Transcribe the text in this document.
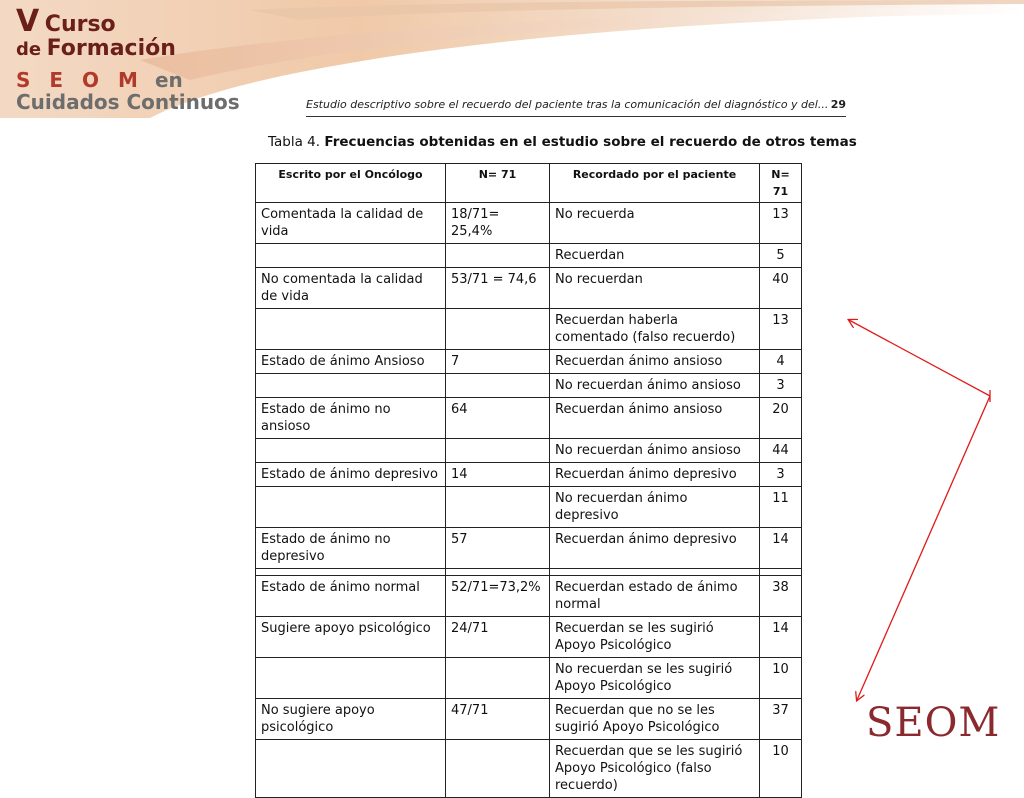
V Curso
de Formación
S E O M en
Cuidados Continuos	Estudio descriptivo sobre el recuerdo del paciente tras la comunicación del diagnóstico y del... 29
Tabla 4. Frecuencias obtenidas en el estudio sobre el recuerdo de otros temas
Escrito por el Oncólogo	N= 71	Recordado por el paciente	N= 71
Comentada la calidad de vida	18/71= 25,4%	No recuerda	13
		Recuerdan	5
No comentada la calidad de vida	53/71 = 74,6	No recuerdan	40
		Recuerdan haberla comentado (falso recuerdo)	13
Estado de ánimo Ansioso	7	Recuerdan ánimo ansioso	4
		No recuerdan ánimo ansioso	3
Estado de ánimo no ansioso	64	Recuerdan ánimo ansioso	20
		No recuerdan ánimo ansioso	44
Estado de ánimo depresivo	14	Recuerdan ánimo depresivo	3
		No recuerdan ánimo depresivo	11
Estado de ánimo no depresivo	57	Recuerdan ánimo depresivo	14

Estado de ánimo normal	52/71=73,2%	Recuerdan estado de ánimo normal	38
Sugiere apoyo psicológico	24/71	Recuerdan se les sugirió Apoyo Psicológico	14
		No recuerdan se les sugirió Apoyo Psicológico	10
No sugiere apoyo psicológico	47/71	Recuerdan que no se les sugirió Apoyo Psicológico	37
		Recuerdan que se les sugirió Apoyo Psicológico (falso recuerdo)	10
SEOM
